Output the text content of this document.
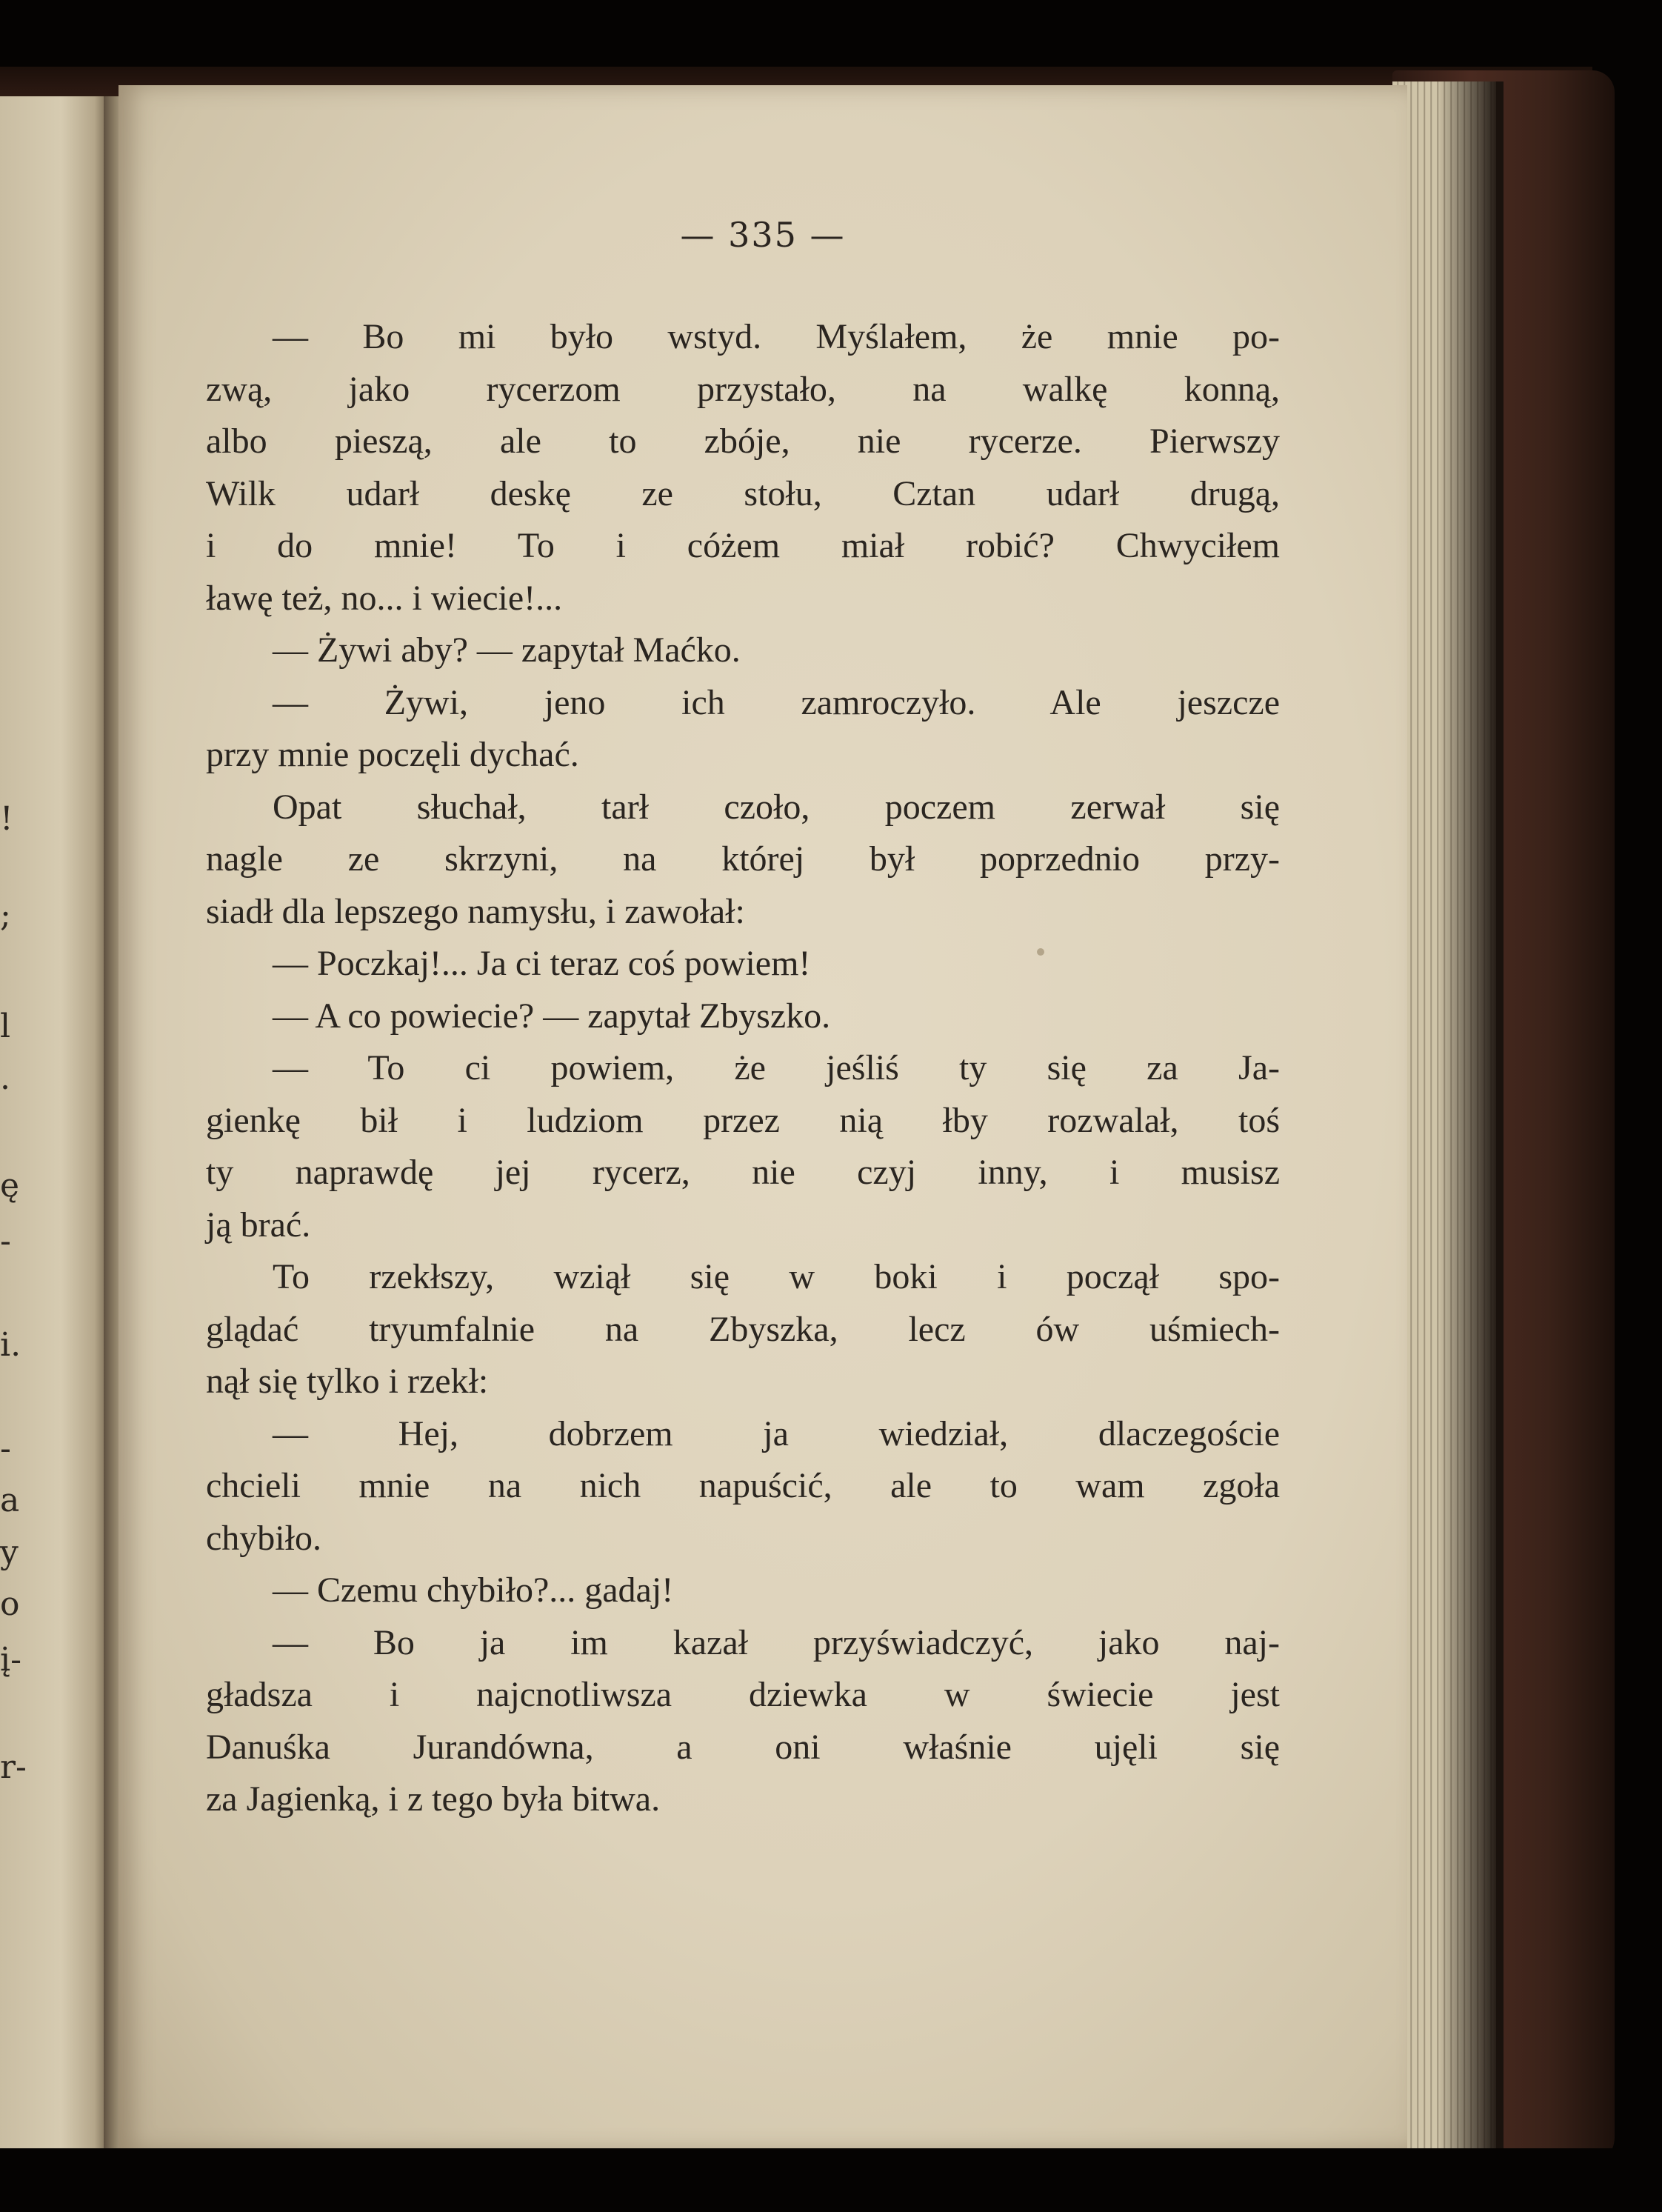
!
;
l
.
ę
-
i.
-
a
y
o
į-
r-
— 335 —
— Bo mi było wstyd. Myślałem, że mnie po-
zwą, jako rycerzom przystało, na walkę konną,
albo pieszą, ale to zbóje, nie rycerze. Pierwszy
Wilk udarł deskę ze stołu, Cztan udarł drugą,
i do mnie! To i cóżem miał robić? Chwyciłem
ławę też, no... i wiecie!...
— Żywi aby? — zapytał Maćko.
— Żywi, jeno ich zamroczyło. Ale jeszcze
przy mnie poczęli dychać.
Opat słuchał, tarł czoło, poczem zerwał się
nagle ze skrzyni, na której był poprzednio przy-
siadł dla lepszego namysłu, i zawołał:
— Poczkaj!... Ja ci teraz coś powiem!
— A co powiecie? — zapytał Zbyszko.
— To ci powiem, że jeśliś ty się za Ja-
gienkę bił i ludziom przez nią łby rozwalał, toś
ty naprawdę jej rycerz, nie czyj inny, i musisz
ją brać.
To rzekłszy, wziął się w boki i począł spo-
glądać tryumfalnie na Zbyszka, lecz ów uśmiech-
nął się tylko i rzekł:
— Hej, dobrzem ja wiedział, dlaczegoście
chcieli mnie na nich napuścić, ale to wam zgoła
chybiło.
— Czemu chybiło?... gadaj!
— Bo ja im kazał przyświadczyć, jako naj-
gładsza i najcnotliwsza dziewka w świecie jest
Danuśka Jurandówna, a oni właśnie ujęli się
za Jagienką, i z tego była bitwa.
